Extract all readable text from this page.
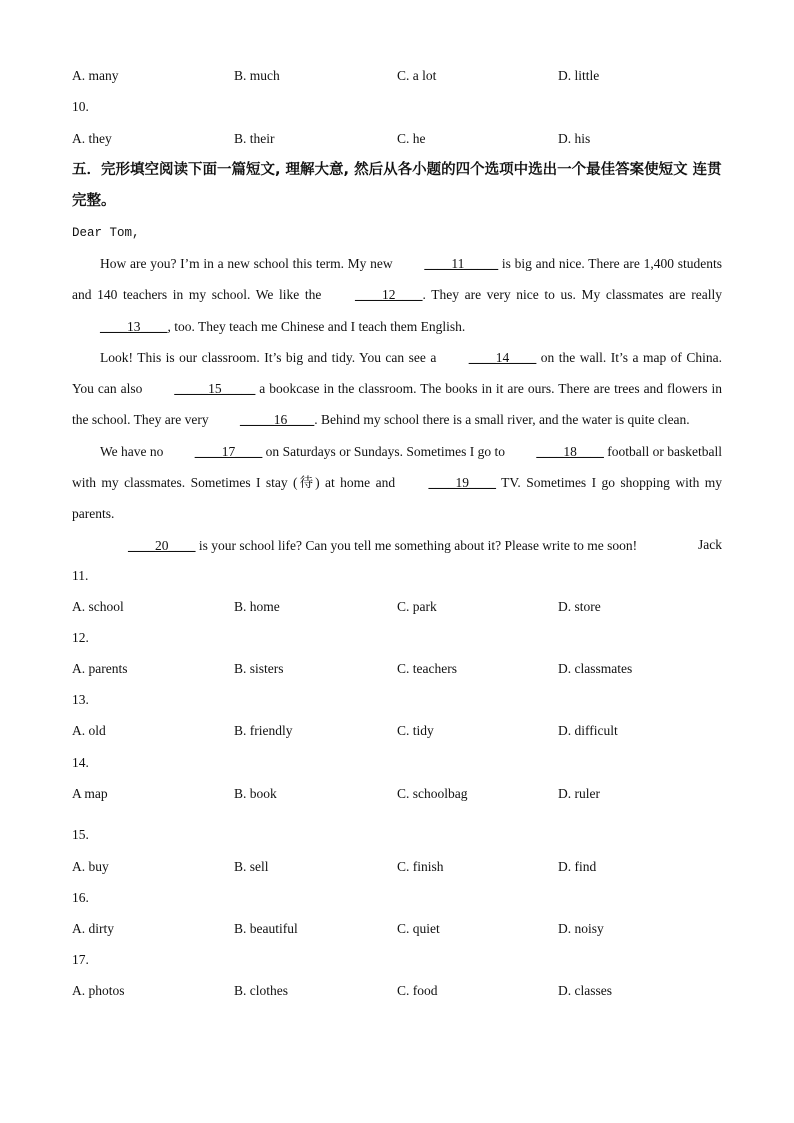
A. many	B. much	C. a lot	D. little
10.
A. they	B. their	C. he	D. his
五．完形填空阅读下面一篇短文, 理解大意, 然后从各小题的四个选项中选出一个最佳答案使短文 连贯完整。
Dear Tom,

How are you? I’m in a new school this term. My new ____11_____ is big and nice. There are 1,400 students and 140 teachers in my school. We like the ____12____. They are very nice to us. My classmates are really ____13____, too. They teach me Chinese and I teach them English.

Look! This is our classroom. It’s big and tidy. You can see a ____14____ on the wall. It’s a map of China. You can also _____15_____ a bookcase in the classroom. The books in it are ours. There are trees and flowers in the school. They are very _____16____. Behind my school there is a small river, and the water is quite clean.

We have no ____17____ on Saturdays or Sundays. Sometimes I go to ____18____ football or basketball with my classmates. Sometimes I stay (待) at home and ____19____ TV. Sometimes I go shopping with my parents.

____20____ is your school life? Can you tell me something about it? Please write to me soon!	Jack
11.
A. school	B. home	C. park	D. store
12.
A. parents	B. sisters	C. teachers	D. classmates
13.
A. old	B. friendly	C. tidy	D. difficult
14.
A map	B. book	C. schoolbag	D. ruler
15.
A. buy	B. sell	C. finish	D. find
16.
A. dirty	B. beautiful	C. quiet	D. noisy
17.
A. photos	B. clothes	C. food	D. classes
